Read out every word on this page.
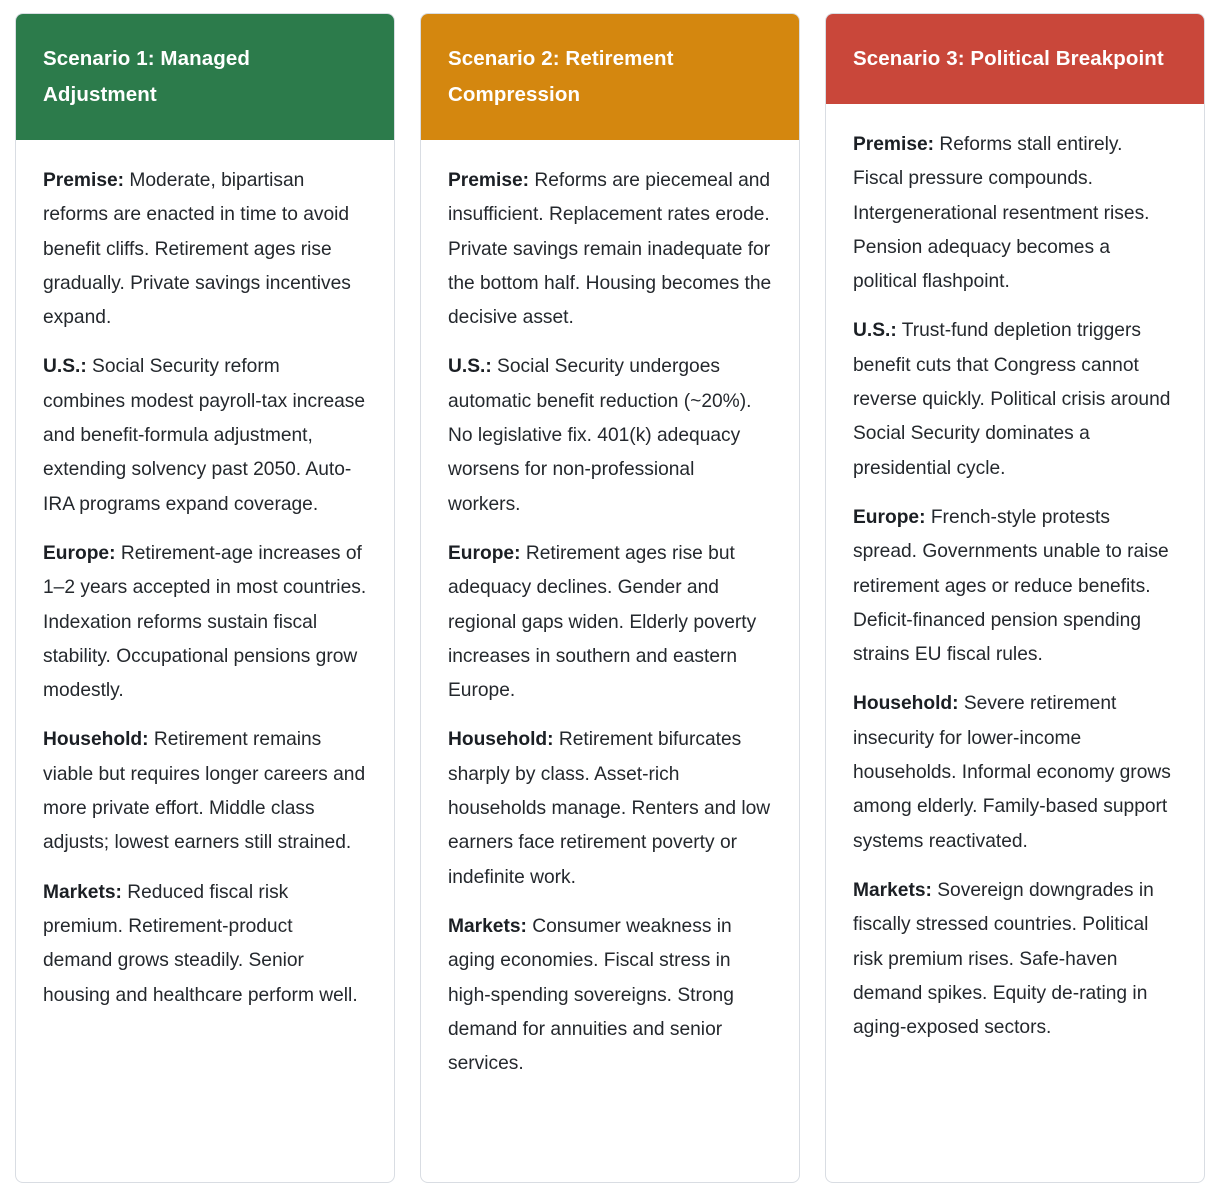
Scenario 1: Managed Adjustment

Premise: Moderate, bipartisan reforms are enacted in time to avoid benefit cliffs. Retirement ages rise gradually. Private savings incentives expand.

U.S.: Social Security reform combines modest payroll-tax increase and benefit-formula adjustment, extending solvency past 2050. Auto-IRA programs expand coverage.

Europe: Retirement-age increases of 1–2 years accepted in most countries. Indexation reforms sustain fiscal stability. Occupational pensions grow modestly.

Household: Retirement remains viable but requires longer careers and more private effort. Middle class adjusts; lowest earners still strained.

Markets: Reduced fiscal risk premium. Retirement-product demand grows steadily. Senior housing and healthcare perform well.

Scenario 2: Retirement Compression

Premise: Reforms are piecemeal and insufficient. Replacement rates erode. Private savings remain inadequate for the bottom half. Housing becomes the decisive asset.

U.S.: Social Security undergoes automatic benefit reduction (~20%). No legislative fix. 401(k) adequacy worsens for non-professional workers.

Europe: Retirement ages rise but adequacy declines. Gender and regional gaps widen. Elderly poverty increases in southern and eastern Europe.

Household: Retirement bifurcates sharply by class. Asset-rich households manage. Renters and low earners face retirement poverty or indefinite work.

Markets: Consumer weakness in aging economies. Fiscal stress in high-spending sovereigns. Strong demand for annuities and senior services.

Scenario 3: Political Breakpoint

Premise: Reforms stall entirely. Fiscal pressure compounds. Intergenerational resentment rises. Pension adequacy becomes a political flashpoint.

U.S.: Trust-fund depletion triggers benefit cuts that Congress cannot reverse quickly. Political crisis around Social Security dominates a presidential cycle.

Europe: French-style protests spread. Governments unable to raise retirement ages or reduce benefits. Deficit-financed pension spending strains EU fiscal rules.

Household: Severe retirement insecurity for lower-income households. Informal economy grows among elderly. Family-based support systems reactivated.

Markets: Sovereign downgrades in fiscally stressed countries. Political risk premium rises. Safe-haven demand spikes. Equity de-rating in aging-exposed sectors.
